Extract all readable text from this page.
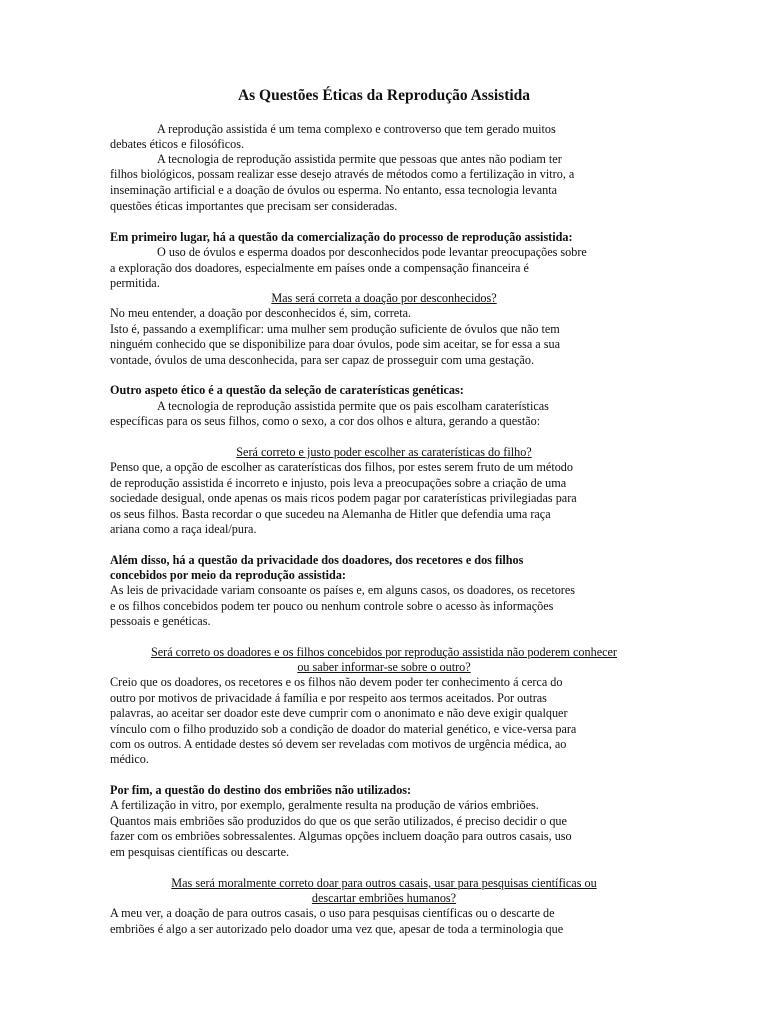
As Questões Éticas da Reprodução Assistida
A reprodução assistida é um tema complexo e controverso que tem gerado muitos
debates éticos e filosóficos.
A tecnologia de reprodução assistida permite que pessoas que antes não podiam ter
filhos biológicos, possam realizar esse desejo através de métodos como a fertilização in vitro, a
inseminação artificial e a doação de óvulos ou esperma. No entanto, essa tecnologia levanta
questões éticas importantes que precisam ser consideradas.
Em primeiro lugar, há a questão da comercialização do processo de reprodução assistida:
O uso de óvulos e esperma doados por desconhecidos pode levantar preocupações sobre
a exploração dos doadores, especialmente em países onde a compensação financeira é
permitida.
Mas será correta a doação por desconhecidos?
No meu entender, a doação por desconhecidos é, sim, correta.
Isto é, passando a exemplificar: uma mulher sem produção suficiente de óvulos que não tem
ninguém conhecido que se disponibilize para doar óvulos, pode sim aceitar, se for essa a sua
vontade, óvulos de uma desconhecida, para ser capaz de prosseguir com uma gestação.
Outro aspeto ético é a questão da seleção de caraterísticas genéticas:
A tecnologia de reprodução assistida permite que os pais escolham caraterísticas
específicas para os seus filhos, como o sexo, a cor dos olhos e altura, gerando a questão:
Será correto e justo poder escolher as caraterísticas do filho?
Penso que, a opção de escolher as caraterísticas dos filhos, por estes serem fruto de um método
de reprodução assistida é incorreto e injusto, pois leva a preocupações sobre a criação de uma
sociedade desigual, onde apenas os mais ricos podem pagar por caraterísticas privilegiadas para
os seus filhos. Basta recordar o que sucedeu na Alemanha de Hitler que defendia uma raça
ariana como a raça ideal/pura.
Além disso, há a questão da privacidade dos doadores, dos recetores e dos filhos
concebidos por meio da reprodução assistida:
As leis de privacidade variam consoante os países e, em alguns casos, os doadores, os recetores
e os filhos concebidos podem ter pouco ou nenhum controle sobre o acesso às informações
pessoais e genéticas.
Será correto os doadores e os filhos concebidos por reprodução assistida não poderem conhecer
ou saber informar-se sobre o outro?
Creio que os doadores, os recetores e os filhos não devem poder ter conhecimento á cerca do
outro por motivos de privacidade á família e por respeito aos termos aceitados. Por outras
palavras, ao aceitar ser doador este deve cumprir com o anonimato e não deve exigir qualquer
vínculo com o filho produzido sob a condição de doador do material genético, e vice-versa para
com os outros. A entidade destes só devem ser reveladas com motivos de urgência médica, ao
médico.
Por fim, a questão do destino dos embriões não utilizados:
A fertilização in vitro, por exemplo, geralmente resulta na produção de vários embriões.
Quantos mais embriões são produzidos do que os que serão utilizados, é preciso decidir o que
fazer com os embriões sobressalentes. Algumas opções incluem doação para outros casais, uso
em pesquisas científicas ou descarte.
Mas será moralmente correto doar para outros casais, usar para pesquisas científicas ou
descartar embriões humanos?
A meu ver, a doação de para outros casais, o uso para pesquisas científicas ou o descarte de
embriões é algo a ser autorizado pelo doador uma vez que, apesar de toda a terminologia que
